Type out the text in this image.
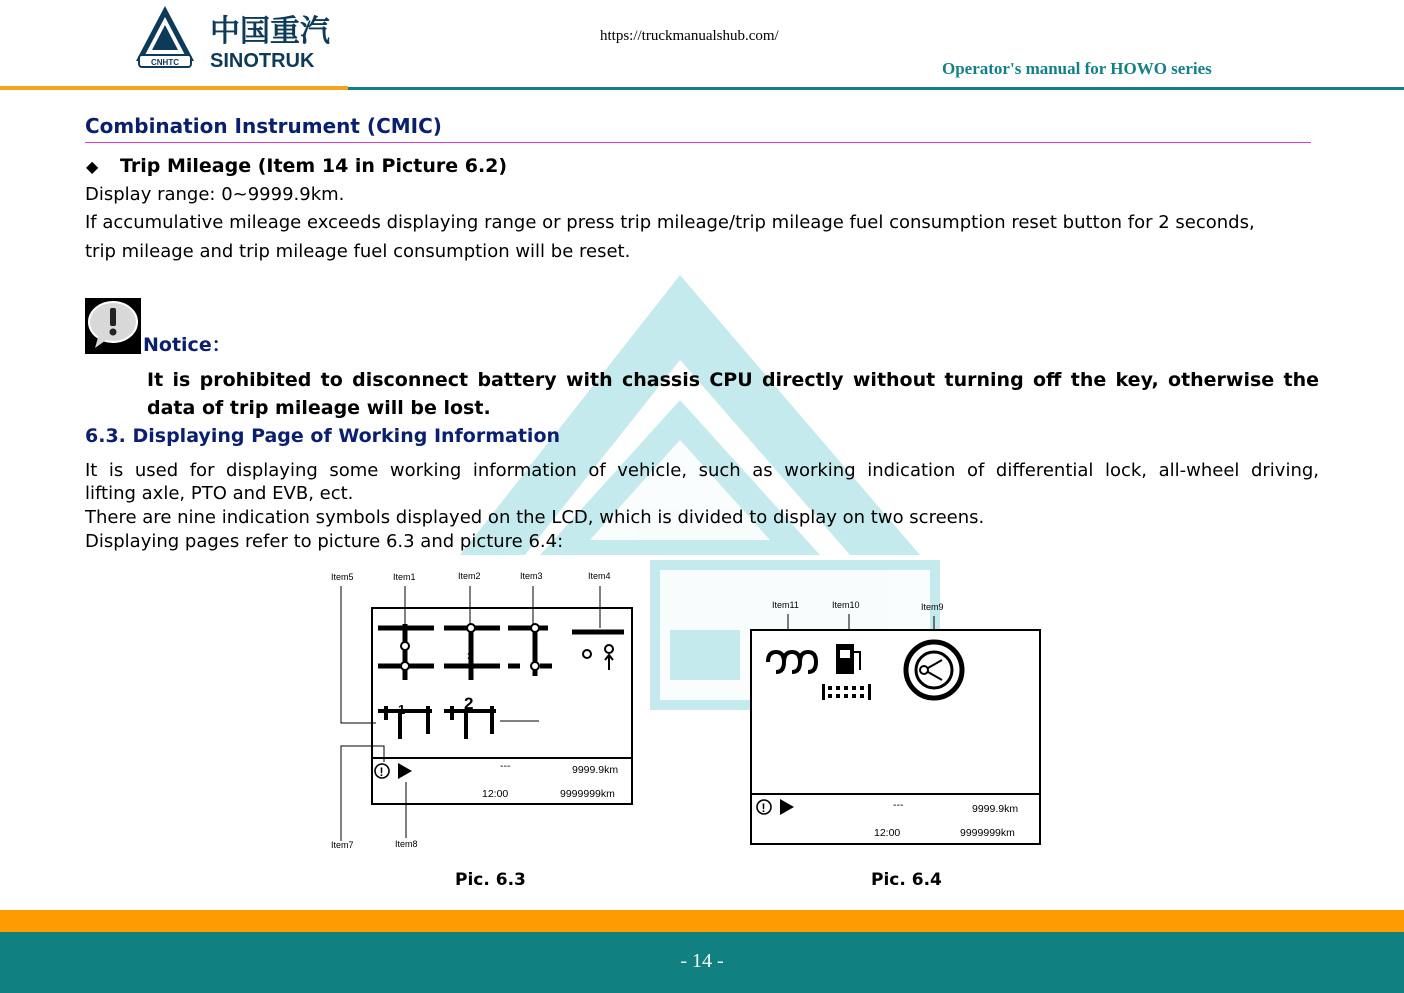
CNHTC
中国重汽
SINOTRUK
https://truckmanualshub.com/
Operator's manual for HOWO series
Combination Instrument (CMIC)
◆ Trip Mileage (Item 14 in Picture 6.2)
Display range: 0~9999.9km.
If accumulative mileage exceeds displaying range or press trip mileage/trip mileage fuel consumption reset button for 2 seconds,
trip mileage and trip mileage fuel consumption will be reset.
Notice：
It is prohibited to disconnect battery with chassis CPU directly without turning off the key, otherwise the
data of trip mileage will be lost.
6.3. Displaying Page of Working Information
It is used for displaying some working information of vehicle, such as working indication of differential lock, all-wheel driving,
lifting axle, PTO and EVB, ect.
There are nine indication symbols displayed on the LCD, which is divided to display on two screens.
Displaying pages refer to picture 6.3 and picture 6.4:
Item5	Item1	Item2	Item3	Item4
Item7	Item8
×
1	2
!	---	9999.9km
12:00	9999999km
Item11	Item10	Item9
!	---	9999.9km
12:00	9999999km
Pic. 6.3	Pic. 6.4
- 14 -
